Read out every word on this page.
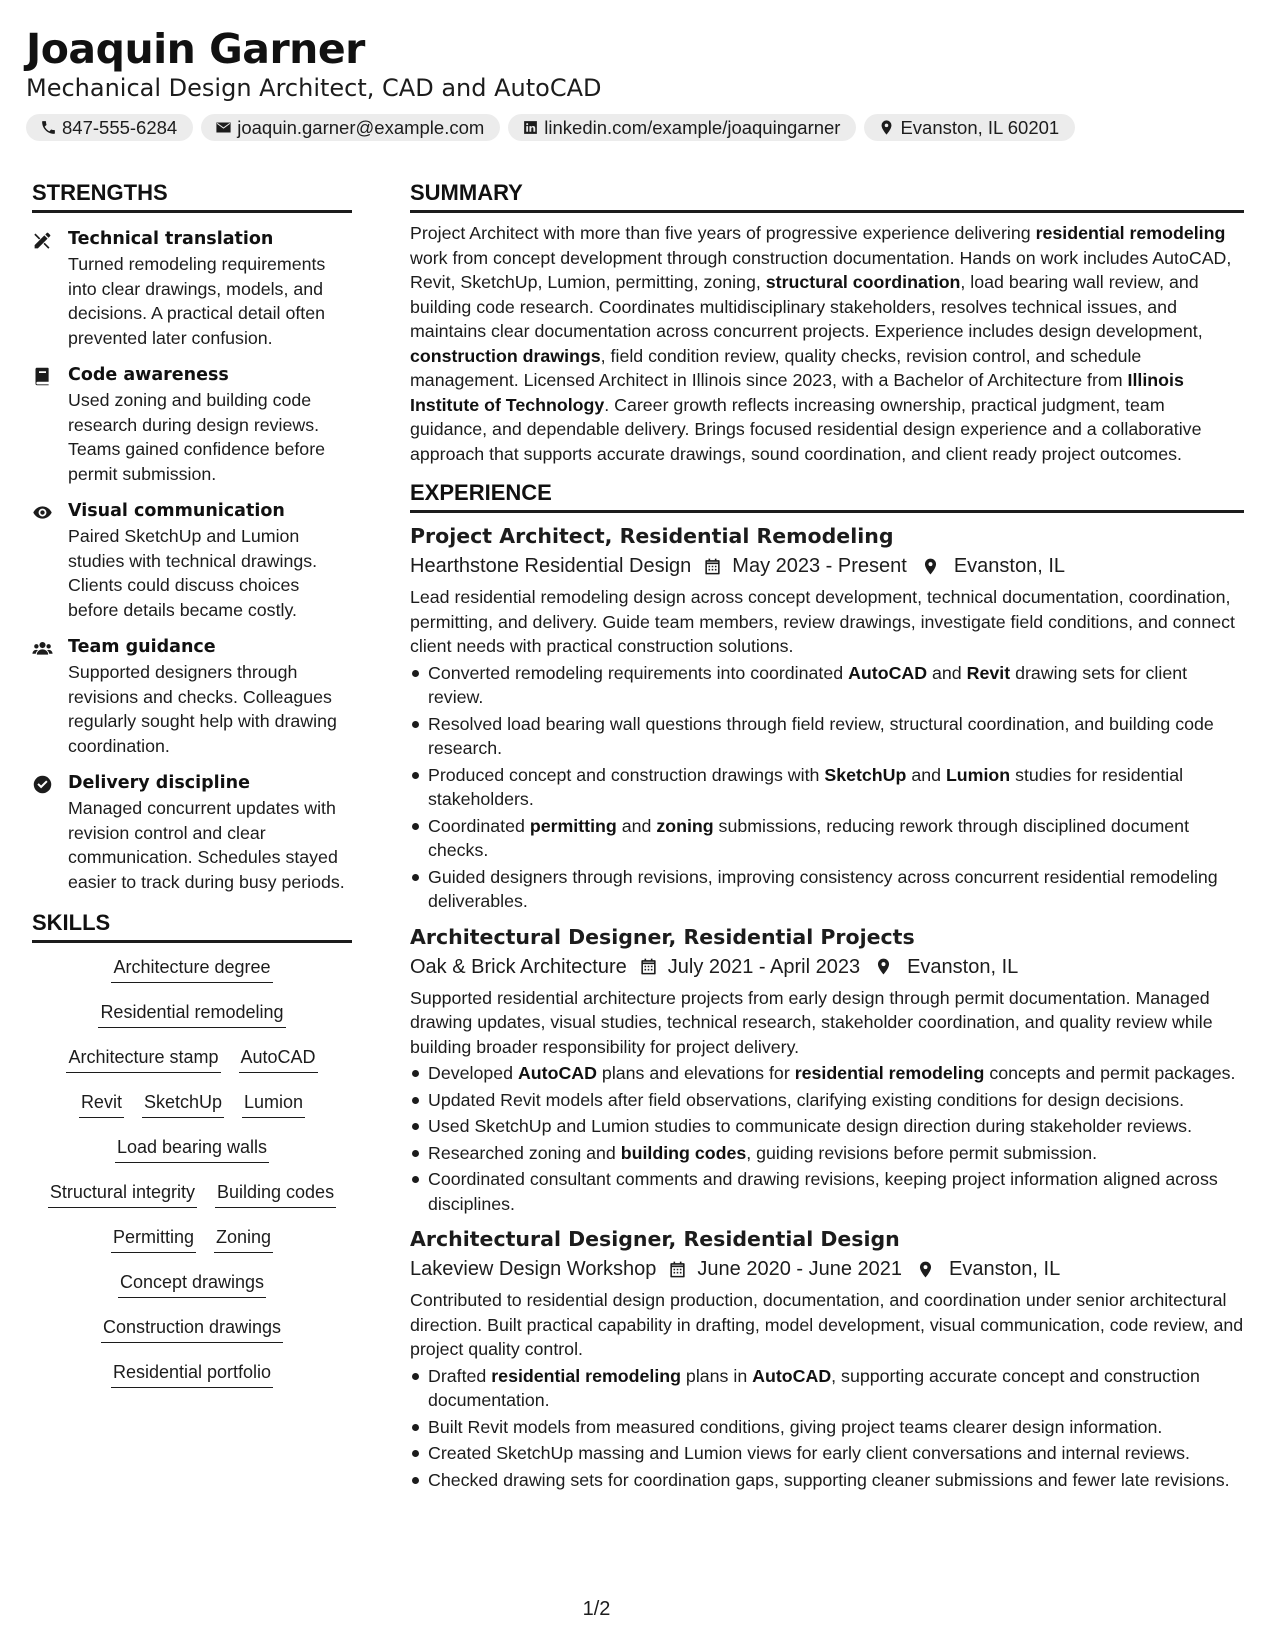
Joaquin Garner
Mechanical Design Architect, CAD and AutoCAD
847-555-6284	joaquin.garner@example.com	linkedin.com/example/joaquingarner	Evanston, IL 60201
STRENGTHS
Technical translation
Turned remodeling requirements into clear drawings, models, and decisions. A practical detail often prevented later confusion.
Code awareness
Used zoning and building code research during design reviews. Teams gained confidence before permit submission.
Visual communication
Paired SketchUp and Lumion studies with technical drawings. Clients could discuss choices before details became costly.
Team guidance
Supported designers through revisions and checks. Colleagues regularly sought help with drawing coordination.
Delivery discipline
Managed concurrent updates with revision control and clear communication. Schedules stayed easier to track during busy periods.
SKILLS
Architecture degree
Residential remodeling
Architecture stamp AutoCAD
Revit SketchUp Lumion
Load bearing walls
Structural integrity Building codes
Permitting Zoning
Concept drawings
Construction drawings
Residential portfolio
SUMMARY
Project Architect with more than five years of progressive experience delivering residential remodeling work from concept development through construction documentation. Hands on work includes AutoCAD, Revit, SketchUp, Lumion, permitting, zoning, structural coordination, load bearing wall review, and building code research. Coordinates multidisciplinary stakeholders, resolves technical issues, and maintains clear documentation across concurrent projects. Experience includes design development, construction drawings, field condition review, quality checks, revision control, and schedule management. Licensed Architect in Illinois since 2023, with a Bachelor of Architecture from Illinois Institute of Technology. Career growth reflects increasing ownership, practical judgment, team guidance, and dependable delivery. Brings focused residential design experience and a collaborative approach that supports accurate drawings, sound coordination, and client ready project outcomes.
EXPERIENCE
Project Architect, Residential Remodeling
Hearthstone Residential Design May 2023 - Present Evanston, IL
Lead residential remodeling design across concept development, technical documentation, coordination, permitting, and delivery. Guide team members, review drawings, investigate field conditions, and connect client needs with practical construction solutions.
Converted remodeling requirements into coordinated AutoCAD and Revit drawing sets for client review.
Resolved load bearing wall questions through field review, structural coordination, and building code research.
Produced concept and construction drawings with SketchUp and Lumion studies for residential stakeholders.
Coordinated permitting and zoning submissions, reducing rework through disciplined document checks.
Guided designers through revisions, improving consistency across concurrent residential remodeling deliverables.
Architectural Designer, Residential Projects
Oak & Brick Architecture July 2021 - April 2023 Evanston, IL
Supported residential architecture projects from early design through permit documentation. Managed drawing updates, visual studies, technical research, stakeholder coordination, and quality review while building broader responsibility for project delivery.
Developed AutoCAD plans and elevations for residential remodeling concepts and permit packages.
Updated Revit models after field observations, clarifying existing conditions for design decisions.
Used SketchUp and Lumion studies to communicate design direction during stakeholder reviews.
Researched zoning and building codes, guiding revisions before permit submission.
Coordinated consultant comments and drawing revisions, keeping project information aligned across disciplines.
Architectural Designer, Residential Design
Lakeview Design Workshop June 2020 - June 2021 Evanston, IL
Contributed to residential design production, documentation, and coordination under senior architectural direction. Built practical capability in drafting, model development, visual communication, code review, and project quality control.
Drafted residential remodeling plans in AutoCAD, supporting accurate concept and construction documentation.
Built Revit models from measured conditions, giving project teams clearer design information.
Created SketchUp massing and Lumion views for early client conversations and internal reviews.
Checked drawing sets for coordination gaps, supporting cleaner submissions and fewer late revisions.
1/2
